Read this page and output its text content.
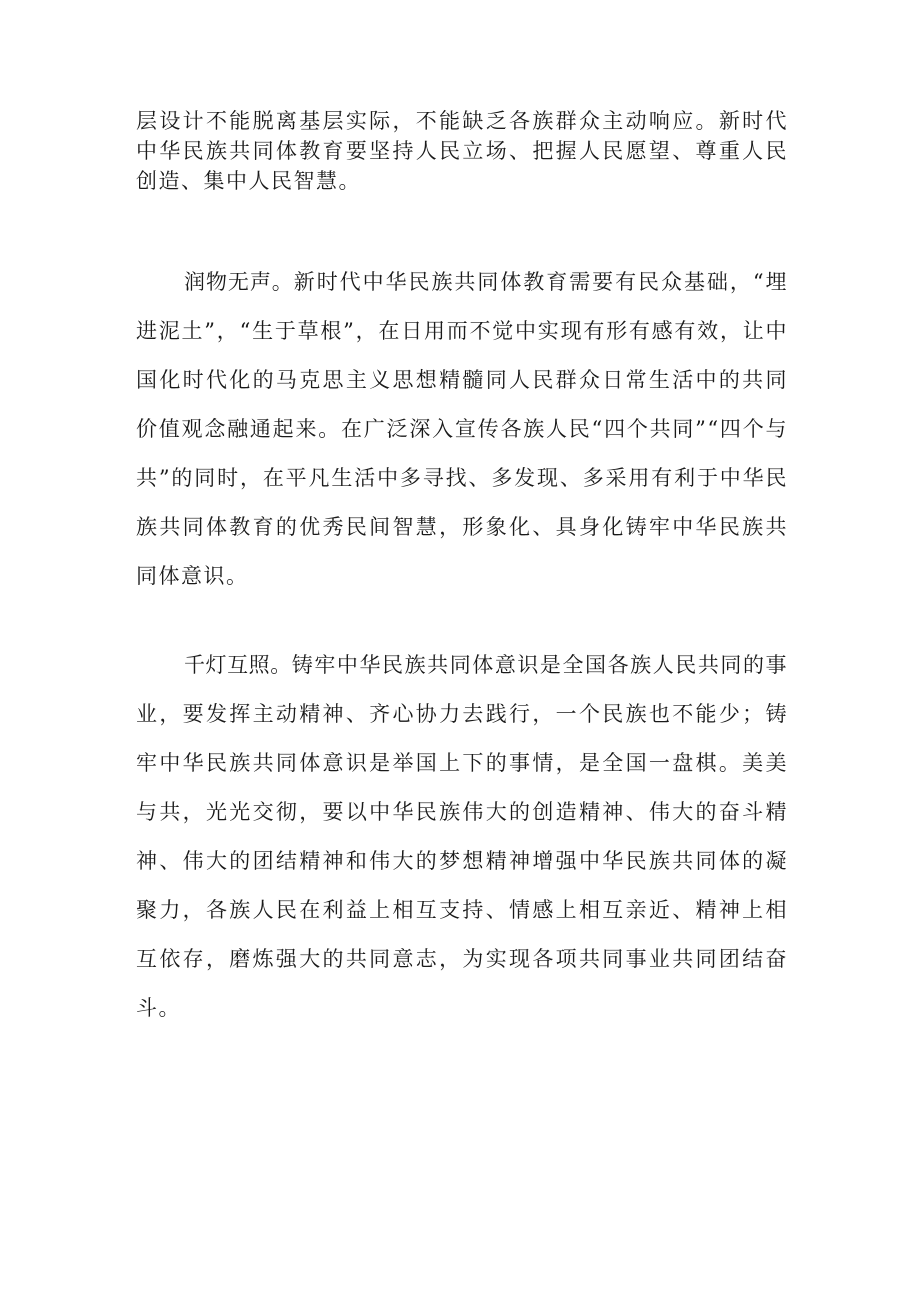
层设计不能脱离基层实际，不能缺乏各族群众主动响应。新时代中华民族共同体教育要坚持人民立场、把握人民愿望、尊重人民创造、集中人民智慧。

润物无声。新时代中华民族共同体教育需要有民众基础，“埋进泥土”，“生于草根”，在日用而不觉中实现有形有感有效，让中国化时代化的马克思主义思想精髓同人民群众日常生活中的共同价值观念融通起来。在广泛深入宣传各族人民“四个共同”“四个与共”的同时，在平凡生活中多寻找、多发现、多采用有利于中华民族共同体教育的优秀民间智慧，形象化、具身化铸牢中华民族共同体意识。

千灯互照。铸牢中华民族共同体意识是全国各族人民共同的事业，要发挥主动精神、齐心协力去践行，一个民族也不能少；铸牢中华民族共同体意识是举国上下的事情，是全国一盘棋。美美与共，光光交彻，要以中华民族伟大的创造精神、伟大的奋斗精神、伟大的团结精神和伟大的梦想精神增强中华民族共同体的凝聚力，各族人民在利益上相互支持、情感上相互亲近、精神上相互依存，磨炼强大的共同意志，为实现各项共同事业共同团结奋斗。
